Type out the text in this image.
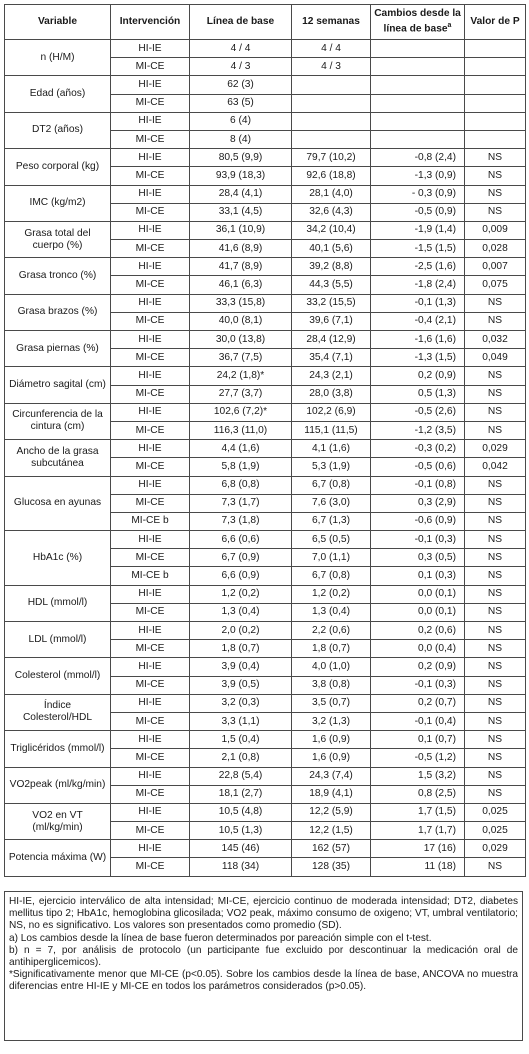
Variable	Intervención	Línea de base	12 semanas	Cambios desde la línea de base$^a$	Valor de P
n (H/M)	HI-IE	4 / 4	4 / 4		
	MI-CE	4 / 3	4 / 3		
Edad (años)	HI-IE	62 (3)			
	MI-CE	63 (5)			
DT2 (años)	HI-IE	6 (4)			
	MI-CE	8 (4)			
Peso corporal (kg)	HI-IE	80,5 (9,9)	79,7 (10,2)	-0,8 (2,4)	NS
	MI-CE	93,9 (18,3)	92,6 (18,8)	-1,3 (0,9)	NS
IMC (kg/m2)	HI-IE	28,4 (4,1)	28,1 (4,0)	- 0,3 (0,9)	NS
	MI-CE	33,1 (4,5)	32,6 (4,3)	-0,5 (0,9)	NS
Grasa total del cuerpo (%)	HI-IE	36,1 (10,9)	34,2 (10,4)	-1,9 (1,4)	0,009
	MI-CE	41,6 (8,9)	40,1 (5,6)	-1,5 (1,5)	0,028
Grasa tronco (%)	HI-IE	41,7 (8,9)	39,2 (8,8)	-2,5 (1,6)	0,007
	MI-CE	46,1 (6,3)	44,3 (5,5)	-1,8 (2,4)	0,075
Grasa brazos (%)	HI-IE	33,3 (15,8)	33,2 (15,5)	-0,1 (1,3)	NS
	MI-CE	40,0 (8,1)	39,6 (7,1)	-0,4 (2,1)	NS
Grasa piernas (%)	HI-IE	30,0 (13,8)	28,4 (12,9)	-1,6 (1,6)	0,032
	MI-CE	36,7 (7,5)	35,4 (7,1)	-1,3 (1,5)	0,049
Diámetro sagital (cm)	HI-IE	24,2 (1,8)*	24,3 (2,1)	0,2 (0,9)	NS
	MI-CE	27,7 (3,7)	28,0 (3,8)	0,5 (1,3)	NS
Circunferencia de la cintura (cm)	HI-IE	102,6 (7,2)*	102,2 (6,9)	-0,5 (2,6)	NS
	MI-CE	116,3 (11,0)	115,1 (11,5)	-1,2 (3,5)	NS
Ancho de la grasa subcutánea	HI-IE	4,4 (1,6)	4,1 (1,6)	-0,3 (0,2)	0,029
	MI-CE	5,8 (1,9)	5,3 (1,9)	-0,5 (0,6)	0,042
Glucosa en ayunas	HI-IE	6,8 (0,8)	6,7 (0,8)	-0,1 (0,8)	NS
	MI-CE	7,3 (1,7)	7,6 (3,0)	0,3 (2,9)	NS
	MI-CE b	7,3 (1,8)	6,7 (1,3)	-0,6 (0,9)	NS
HbA1c (%)	HI-IE	6,6 (0,6)	6,5 (0,5)	-0,1 (0,3)	NS
	MI-CE	6,7 (0,9)	7,0 (1,1)	0,3 (0,5)	NS
	MI-CE b	6,6 (0,9)	6,7 (0,8)	0,1 (0,3)	NS
HDL (mmol/l)	HI-IE	1,2 (0,2)	1,2 (0,2)	0,0 (0,1)	NS
	MI-CE	1,3 (0,4)	1,3 (0,4)	0,0 (0,1)	NS
LDL (mmol/l)	HI-IE	2,0 (0,2)	2,2 (0,6)	0,2 (0,6)	NS
	MI-CE	1,8 (0,7)	1,8 (0,7)	0,0 (0,4)	NS
Colesterol (mmol/l)	HI-IE	3,9 (0,4)	4,0 (1,0)	0,2 (0,9)	NS
	MI-CE	3,9 (0,5)	3,8 (0,8)	-0,1 (0,3)	NS
Índice Colesterol/HDL	HI-IE	3,2 (0,3)	3,5 (0,7)	0,2 (0,7)	NS
	MI-CE	3,3 (1,1)	3,2 (1,3)	-0,1 (0,4)	NS
Triglicéridos (mmol/l)	HI-IE	1,5 (0,4)	1,6 (0,9)	0,1 (0,7)	NS
	MI-CE	2,1 (0,8)	1,6 (0,9)	-0,5 (1,2)	NS
VO2peak (ml/kg/min)	HI-IE	22,8 (5,4)	24,3 (7,4)	1,5 (3,2)	NS
	MI-CE	18,1 (2,7)	18,9 (4,1)	0,8 (2,5)	NS
VO2 en VT (ml/kg/min)	HI-IE	10,5 (4,8)	12,2 (5,9)	1,7 (1,5)	0,025
	MI-CE	10,5 (1,3)	12,2 (1,5)	1,7 (1,7)	0,025
Potencia máxima (W)	HI-IE	145 (46)	162 (57)	17 (16)	0,029
	MI-CE	118 (34)	128 (35)	11 (18)	NS

HI-IE, ejercicio interválico de alta intensidad; MI-CE, ejercicio continuo de moderada intensidad; DT2, diabetes mellitus tipo 2; HbA1c, hemoglobina glicosilada; VO2 peak, máximo consumo de oxigeno; VT, umbral ventilatorio; NS, no es significativo. Los valores son presentados como promedio (SD).

a) Los cambios desde la línea de base fueron determinados por pareación simple con el t-test.

b) n = 7, por análisis de protocolo (un participante fue excluido por descontinuar la medicación oral de antihiperglicemicos).

*Significativamente menor que MI-CE (p<0.05). Sobre los cambios desde la línea de base, ANCOVA no muestra diferencias entre HI-IE y MI-CE en todos los parámetros considerados (p>0.05).
